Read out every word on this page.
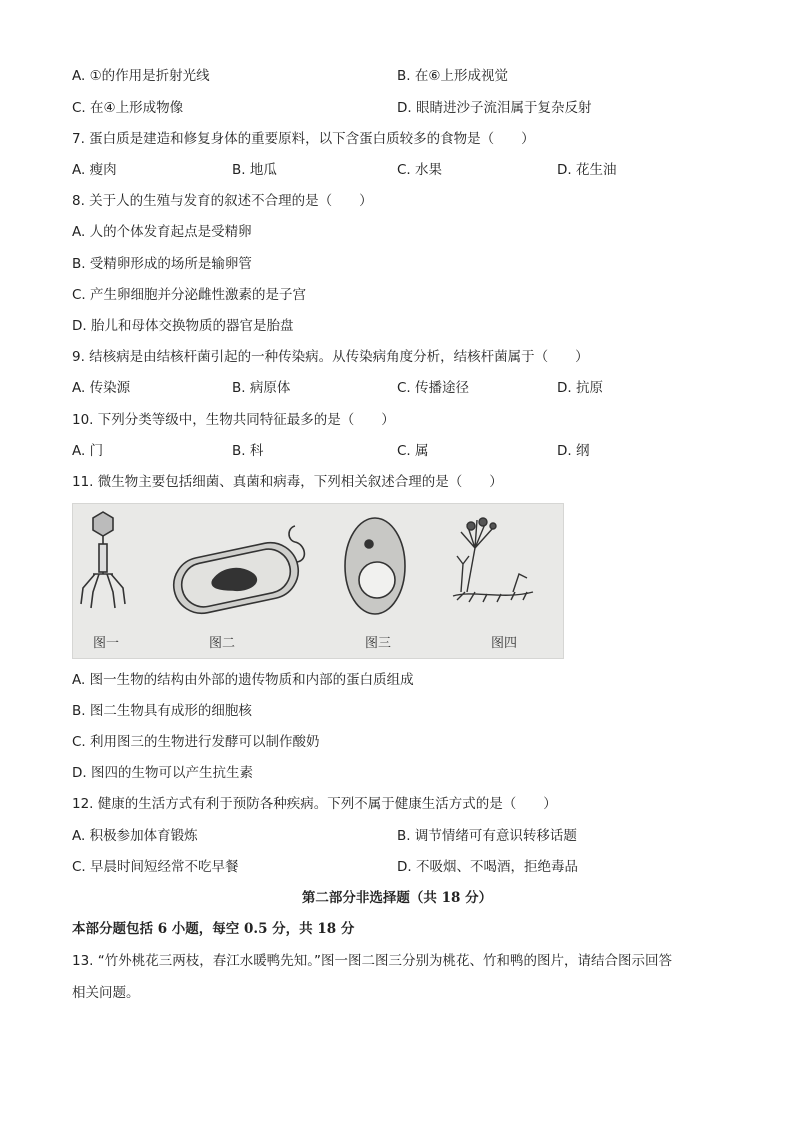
A. ①的作用是折射光线	B. 在⑥上形成视觉
C. 在④上形成物像	D. 眼睛进沙子流泪属于复杂反射
7. 蛋白质是建造和修复身体的重要原料，以下含蛋白质较多的食物是（　　）
A. 瘦肉	B. 地瓜	C. 水果	D. 花生油
8. 关于人的生殖与发育的叙述不合理的是（　　）
A. 人的个体发育起点是受精卵
B. 受精卵形成的场所是输卵管
C. 产生卵细胞并分泌雌性激素的是子宫
D. 胎儿和母体交换物质的器官是胎盘
9. 结核病是由结核杆菌引起的一种传染病。从传染病角度分析，结核杆菌属于（　　）
A. 传染源	B. 病原体	C. 传播途径	D. 抗原
10. 下列分类等级中，生物共同特征最多的是（　　）
A. 门	B. 科	C. 属	D. 纲
11. 微生物主要包括细菌、真菌和病毒，下列相关叙述合理的是（　　）
图一	图二	图三	图四
A. 图一生物的结构由外部的遗传物质和内部的蛋白质组成
B. 图二生物具有成形的细胞核
C. 利用图三的生物进行发酵可以制作酸奶
D. 图四的生物可以产生抗生素
12. 健康的生活方式有利于预防各种疾病。下列不属于健康生活方式的是（　　）
A. 积极参加体育锻炼	B. 调节情绪可有意识转移话题
C. 早晨时间短经常不吃早餐	D. 不吸烟、不喝酒，拒绝毒品
第二部分非选择题（共 18 分）
本部分题包括 6 小题，每空 0.5 分，共 18 分
13. “竹外桃花三两枝，春江水暖鸭先知。”图一图二图三分别为桃花、竹和鸭的图片，请结合图示回答
相关问题。
